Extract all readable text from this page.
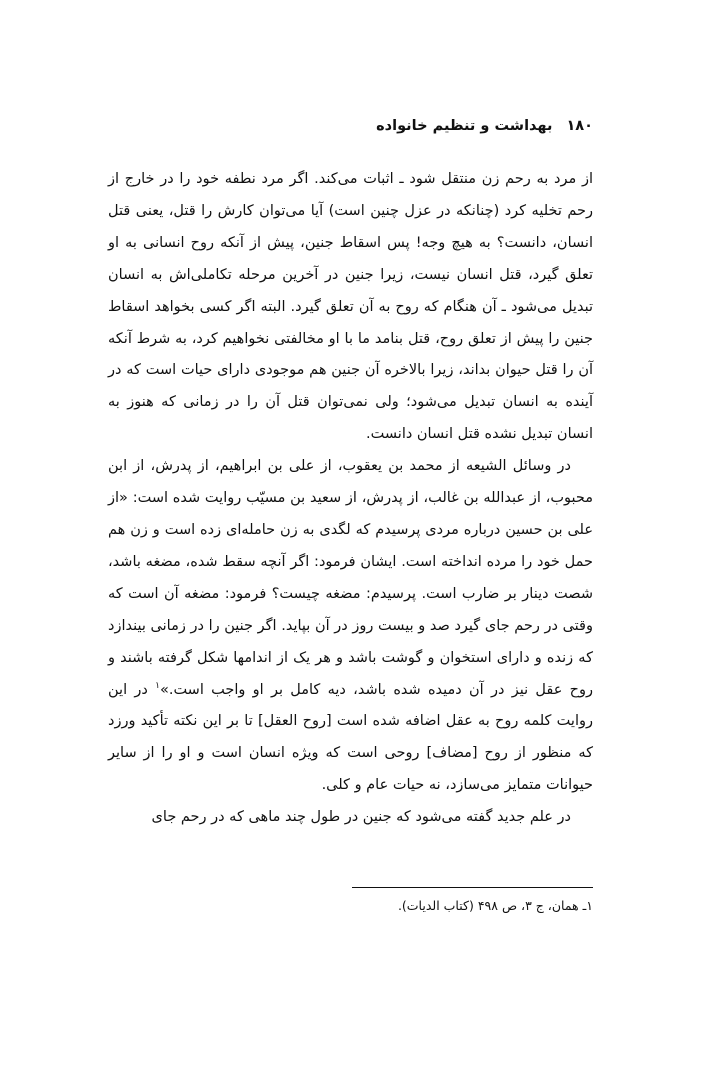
۱۸۰
بهداشت و تنظیم خانواده

از مرد به رحم زن منتقل شود ـ اثبات می‌کند. اگر مرد نطفه خود را در خارج از رحم تخلیه کرد (چنانکه در عزل چنین است) آیا می‌توان کارش را قتل، یعنی قتل انسان، دانست؟ به هیچ وجه! پس اسقاط جنین، پیش از آنکه روح انسانی به او تعلق گیرد، قتل انسان نیست، زیرا جنین در آخرین مرحله تکاملی‌اش به انسان تبدیل می‌شود ـ آن هنگام که روح به آن تعلق گیرد. البته اگر کسی بخواهد اسقاط جنین را پیش از تعلق روح، قتل بنامد ما با او مخالفتی نخواهیم کرد، به شرط آنکه آن را قتل حیوان بداند، زیرا بالاخره آن جنین هم موجودی دارای حیات است که در آینده به انسان تبدیل می‌شود؛ ولی نمی‌توان قتل آن را در زمانی که هنوز به انسان تبدیل نشده قتل انسان دانست.

در وسائل الشیعه از محمد بن یعقوب، از علی بن ابراهیم، از پدرش، از ابن محبوب، از عبدالله بن غالب، از پدرش، از سعید بن مسیّب روایت شده است: «از علی بن حسین درباره مردی پرسیدم که لگدی به زن حامله‌ای زده است و زن هم حمل خود را مرده انداخته است. ایشان فرمود: اگر آنچه سقط شده، مضغه باشد، شصت دینار بر ضارب است. پرسیدم: مضغه چیست؟ فرمود: مضغه آن است که وقتی در رحم جای گیرد صد و بیست روز در آن بپاید. اگر جنین را در زمانی بیندازد که زنده و دارای استخوان و گوشت باشد و هر یک از اندامها شکل گرفته باشند و روح عقل نیز در آن دمیده شده باشد، دیه کامل بر او واجب است.»$^۱$ در این روایت کلمه روح به عقل اضافه شده است [روح العقل] تا بر این نکته تأکید ورزد که منظور از روح [مضاف] روحی است که ویژه انسان است و او را از سایر حیوانات متمایز می‌سازد، نه حیات عام و کلی.

در علم جدید گفته می‌شود که جنین در طول چند ماهی که در رحم جای

۱ـ همان، ج ۳، ص ۴۹۸ (کتاب الدیات).
